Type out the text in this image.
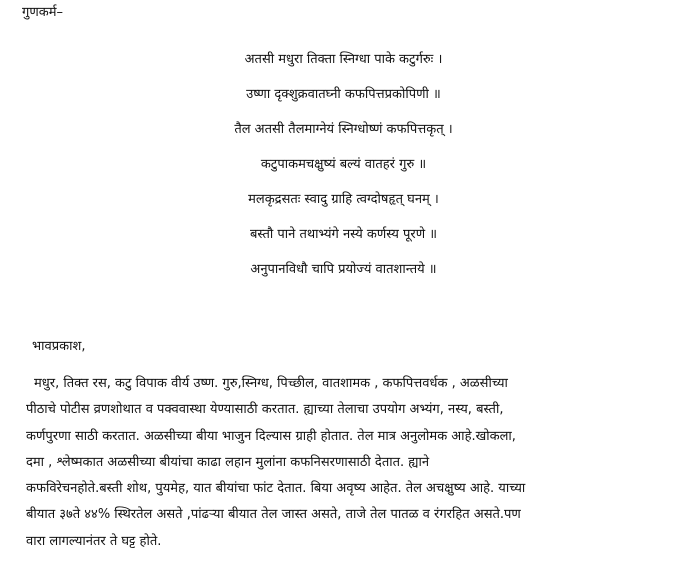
गुणकर्म–
अतसी मधुरा तिक्ता स्निग्धा पाके कटुर्गरुः ।
उष्णा दृक्शुक्रवातघ्नी कफपित्तप्रकोपिणी ॥
तैल अतसी तैलमाग्नेयं स्निग्धोष्णं कफपित्तकृत् ।
कटुपाकमचक्षुष्यं बल्यं वातहरं गुरु ॥
मलकृद्रसतः स्वादु ग्राहि त्वग्दोषहृत् घनम् ।
बस्तौ पाने तथाभ्यंगे नस्ये कर्णस्य पूरणे ॥
अनुपानविधौ चापि प्रयोज्यं वातशान्तये ॥
भावप्रकाश,
मधुर, तिक्त रस, कटु विपाक वीर्य उष्ण. गुरु,स्निग्ध, पिच्छील, वातशामक , कफपित्तवर्धक , अळसीच्या
पीठाचे पोटीस व्रणशोथात व पक्ववास्था येण्यासाठी करतात. ह्याच्या तेलाचा उपयोग अभ्यंग, नस्य, बस्ती,
कर्णपुरणा साठी करतात. अळसीच्या बीया भाजुन दिल्यास ग्राही होतात. तेल मात्र अनुलोमक आहे.खोकला,
दमा , श्लेष्मकात अळसीच्या बीयांचा काढा लहान मुलांना कफनिसरणासाठी देतात. ह्याने
कफविरेचनहोते.बस्ती शोथ, पुयमेह, यात बीयांचा फांट देतात. बिया अवृष्य आहेत. तेल अचक्षुष्य आहे. याच्या
बीयात ३७ते ४४% स्थिरतेल असते ,पांढऱ्या बीयात तेल जास्त असते, ताजे तेल पातळ व रंगरहित असते.पण
वारा लागल्यानंतर ते घट्ट होते.
